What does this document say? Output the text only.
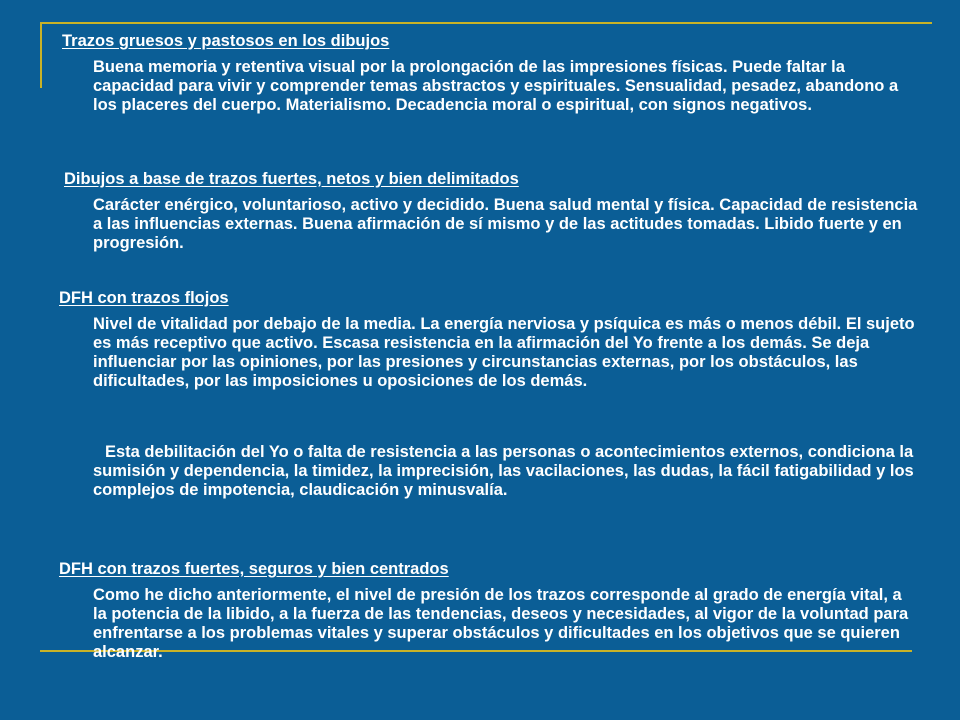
Trazos gruesos y pastosos en los dibujos
Buena memoria y retentiva visual por la prolongación de las impresiones físicas. Puede faltar la capacidad para vivir y comprender temas abstractos y espirituales. Sensualidad, pesadez, abandono a los placeres del cuerpo. Materialismo. Decadencia moral o espiritual, con signos negativos.
Dibujos a base de trazos fuertes, netos y bien delimitados
Carácter enérgico, voluntarioso, activo y decidido. Buena salud mental y física. Capacidad de resistencia a las influencias externas. Buena afirmación de sí mismo y de las actitudes tomadas. Libido fuerte y en progresión.
DFH con trazos flojos
Nivel de vitalidad por debajo de la media. La energía nerviosa y psíquica es más o menos débil. El sujeto es más receptivo que activo. Escasa resistencia en la afirmación del Yo frente a los demás. Se deja influenciar por las opiniones, por las presiones y circunstancias externas, por los obstáculos, las dificultades, por las imposiciones u oposiciones de los demás.
Esta debilitación del Yo o falta de resistencia a las personas o acontecimientos externos, condiciona la sumisión y dependencia, la timidez, la imprecisión, las vacilaciones, las dudas, la fácil fatigabilidad y los complejos de impotencia, claudicación y minusvalía.
DFH con trazos fuertes, seguros y bien centrados
Como he dicho anteriormente, el nivel de presión de los trazos corresponde al grado de energía vital, a la potencia de la libido, a la fuerza de las tendencias, deseos y necesidades, al vigor de la voluntad para enfrentarse a los problemas vitales y superar obstáculos y dificultades en los objetivos que se quieren alcanzar.
